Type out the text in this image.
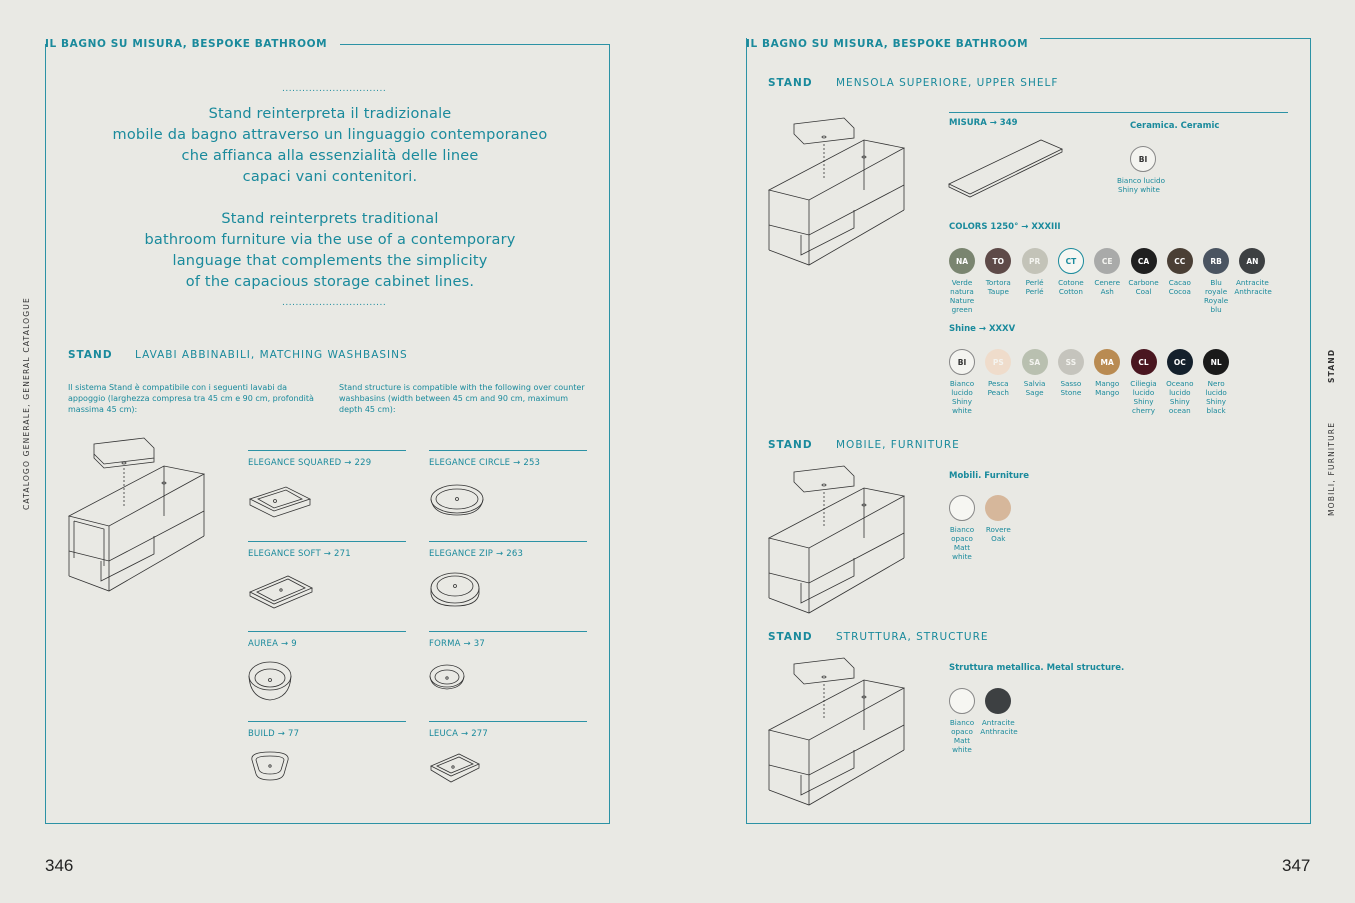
IL BAGNO SU MISURA, BESPOKE BATHROOM
...............................

Stand reinterpreta il tradizionale
mobile da bagno attraverso un linguaggio contemporaneo
che affianca alla essenzialità delle linee
capaci vani contenitori.

Stand reinterprets traditional
bathroom furniture via the use of a contemporary
language that complements the simplicity
of the capacious storage cabinet lines.

...............................
STAND LAVABI ABBINABILI, MATCHING WASHBASINS
Il sistema Stand è compatibile con i seguenti lavabi da appoggio (larghezza compresa tra 45 cm e 90 cm, profondità massima 45 cm):
Stand structure is compatible with the following over counter washbasins (width between 45 cm and 90 cm, maximum depth 45 cm):
ELEGANCE SQUARED → 229	ELEGANCE CIRCLE → 253
ELEGANCE SOFT → 271	ELEGANCE ZIP → 263
AUREA → 9	FORMA → 37
BUILD → 77	LEUCA → 277
IL BAGNO SU MISURA, BESPOKE BATHROOM
STAND MENSOLA SUPERIORE, UPPER SHELF
MISURA → 349	Ceramica. Ceramic
BI
Bianco lucido
Shiny white
COLORS 1250° → XXXIII
NA
Verde
natura
Nature
green
TO
Tortora
Taupe
PR
Perlé
Perlé
CT
Cotone
Cotton
CE
Cenere
Ash
CA
Carbone
Coal
CC
Cacao
Cocoa
RB
Blu
royale
Royale
blu
AN
Antracite
Anthracite
Shine → XXXV
BI
Bianco
lucido
Shiny
white
PS
Pesca
Peach
SA
Salvia
Sage
SS
Sasso
Stone
MA
Mango
Mango
CL
Ciliegia
lucido
Shiny
cherry
OC
Oceano
lucido
Shiny
ocean
NL
Nero
lucido
Shiny
black
STAND MOBILE, FURNITURE
Mobili. Furniture
Bianco
opaco
Matt
white
Rovere
Oak
STAND STRUTTURA, STRUCTURE
Struttura metallica. Metal structure.
Bianco
opaco
Matt
white
Antracite
Anthracite
CATALOGO GENERALE, GENERAL CATALOGUE	STAND
MOBILI, FURNITURE
346	347
